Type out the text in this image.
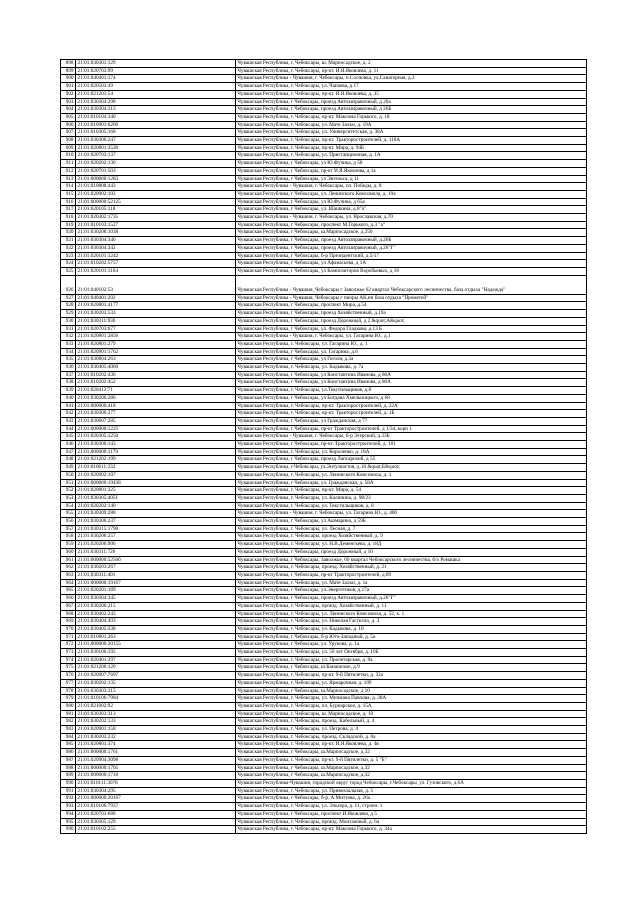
898	21:01:030301:129	Чувашская Республика, г. Чебоксары, ш. Марпосадское, д. 2
899	21:01:020703:99	Чувашская Республика, г. Чебоксары, пр-кт. И.Я.Яковлева, д. 11
900	21:01:040401:174	Чувашская Республика - Чувашия, г. Чебоксары, п.Сосновка, ул.Санаторная, д.3
901	21:01:020503:49	Чувашская Республика, г. Чебоксары, ул. Чапаева, д.17
902	21:01:021201:54	Чувашская Республика, г. Чебоксары, пр-кт. И.Я.Яковлева, д. 35
903	21:01:030304:298	Чувашская Республика, г Чебоксары, проезд Автозаправочный, д 26а
904	21:01:030304:313	Чувашская Республика, г Чебоксары, проезд Автозаправочный, д 26Б
905	21:01:010104:340	Чувашская Республика, г. Чебоксары, пр-кт. Максима Горького, д. 18
906	21:01:010901:6269	Чувашская Республика, г. Чебоксары, ул. Мате Залки, д. 19А
907	21:01:010305:168	Чувашская Республика, г. Чебоксары, ул. Университетская, д. 38А
908	21:01:030306:247	Чувашская Республика, г. Чебоксары, пр-кт. Тракторостроителей, д. 118А
909	21:01:020801:3530	Чувашская Республика, г. Чебоксары, пр-кт. Мира, д. 94Б
910	21:01:020703:137	Чувашская Республика, г. Чебоксары, ул. Пристанционная, д. 1А
911	21:01:020202:130	Чувашская Республика, г Чебоксары, ул Ю.Фучика, д 58
912	21:01:020701:503	Чувашская Республика, г Чебоксары, пр-кт И.Я.Яковлева, д 1а
913	21:01:000000:1283	Чувашская Республика, г Чебоксары, ул Энгельса, д 11
914	21:01:010808:443	Чувашская Республика - Чувашия, г. Чебоксары, пл. Победы, д. 8
915	21:01:020902:102	Чувашская Республика, г Чебоксары, ул. Ленинского Комсомола, д. 19а
916	21:01:000000:52125	Чувашская Республика, г Чебоксары, ул Ю.Фучика, д 65а
917	21:01:020105:118	Чувашская Республика, г Чебоксары, ул. Шашкина, д.8"а"
918	21:01:020302:1735	Чувашская Республика - Чувашия, г. Чебоксары, ул. Ярославская, д.70
919	21:01:010103:1527	Чувашская Республика, г Чебоксары, проспект М.Горького, д.3 "а"
920	21:01:030208:1038	Чувашская Республика, г Чебоксары, ш.Марпосадское, д.250
921	21:01:030304:340	Чувашская Республика, г Чебоксары, проезд Автозаправочный, д.26Б
922	21:01:030304:342	Чувашская Республика, г Чебоксары, проезд Автозаправочный, д.26"Г"
923	21:01:020101:1242	Чувашская Республика, г Чебоксары, б-р Президентский, д.5/17
924	21:01:010202:5757	Чувашская Республика, г Чебоксары, ул Афанасьева, д 1А
925	21:01:020101:1164	Чувашская Республика, г Чебоксары, ул Композиторов Воробьевых, д 18
926	21:01:040102:53	Чувашская Республика - Чувашия, Чебоксары г Заволжье 62 квартал Чебоксарского лесничества, база отдыха "Надежда"
927	21:01:040401:202	Чувашская Республика - Чувашия, Чебоксары г пиоры АК,нп база отдыха "Прометей"
928	21:01:020801:4177	Чувашская Республика, г Чебоксары, проспект Мира, д.54
929	21:01:030203:533	Чувашская Республика, г Чебоксары, проезд Хозяйственный, д.19а
930	21:01:030311:930	Чувашская Республика, г Чебоксары, проезд Дорожный, д 2 &quot;А&quot;
931	21:01:020703:677	Чувашская Республика, г Чебоксары, ул. Федора Гладкова, д.13 Б
932	21:01:020801:2856	Чувашская Республика - Чувашия, г. Чебоксары, ул. Гагарина Ю., д.1
933	21:01:020801:279	Чувашская Республика, г. Чебоксары, ул. Гагарина Ю., д. 1
934	21:01:020901:1762	Чувашская Республика, г Чебоксары, ул. Гагарина, д.6
935	21:01:030804:263	Чувашская Республика, г Чебоксары, ул Гоголя, д.3а
936	21:01:030405:4069	Чувашская Республика, г. Чебоксары, ул. Кадыкова, д. 7а
937	21:01:010202:436	Чувашская Республика, г Чебоксары, ул Константина Иванова, д 80А
938	21:01:010202:452	Чувашская Республика, г Чебоксары, ул Константина Иванова, д 80А
939	21:01:020412:71	Чувашская Республика, г. Чебоксары, ул.Текстильщиков, д.8
940	21:01:030206:286	Чувашская Республика, г Чебоксары, ул Богдана Хмельницкого, д 68
941	21:01:000000:418	Чувашская Республика, г. Чебоксары, пр-кт. Тракторостроителей, д. 22А
942	21:01:030306:277	Чувашская Республика, г. Чебоксары, пр-кт. Тракторостроителей, д. 1Б
943	21:01:030607:285	Чувашская Республика, г Чебоксары, ул Гражданская, д 77
944	21:01:000000:1225	Чувашская Республика, г Чебоксары, пр-кт Тракторостроителей, д 1/34, корп 1
945	21:01:020305:3250	Чувашская Республика - Чувашия, г. Чебоксары, б-р Эгерский, д.33Б
946	21:01:030306:143	Чувашская Республика, г Чебоксары, пр-кт. Тракторостроителей, д. 101
947	21:01:000000:1179	Чувашская Республика, г. Чебоксары, ул. Короленко, д. 18А
948	21:01:021202:199	Чувашская Республика, г Чебоксары, проезд Лапсарский, д 55
949	21:01:010611:232	Чувашская Республика, г.Чебоксары, ул.Энтузиастов, д.10 &quot;Б&quot;
950	21:01:020902:107	Чувашская Республика, г. Чебоксары, ул. Ленинского Комсомола, д. 1
951	21:01:000000:19438	Чувашская Республика, г Чебоксары, ул. Гражданская, д. 58А
952	21:01:020801:325	Чувашская Республика, г. Чебоксары, пр-кт. Мира, д. 54
953	21:01:030305:4051	Чувашская Республика, г. Чебоксары, ул. Калинина, д. 98/23
954	21:01:020202:140	Чувашская Республика, г. Чебоксары, ул. Текстильщиков, д. 8
955	21:01:030309:288	Чувашская Республика - Чувашия, г. Чебоксары, ул. Гагарина Ю., д. 40б
956	21:01:030306:237	Чувашская Республика, г Чебоксары, ул Ашмарина, д 59Б
957	21:01:030315:1790	Чувашская Республика, г. Чебоксары, ул. Лесная, д. 7
958	21:01:030206:257	Чувашская Республика, г. Чебоксары, проезд Хозяйственный, д. 9
959	21:01:020206:906	Чувашская Республика, г. Чебоксары, ул. Н.В.Деменгьева, д. 18Д
960	21:01:030311:726	Чувашская Республика, г Чебоксары, проезд Дорожный, д 10
961	21:01:000000:52566	Чувашская Республика, г Чебоксары, Заволжье, 60 квартал Чебоксарского лесничества, б/о Ромашка
962	21:01:030203:267	Чувашская Республика, г. Чебоксары, проезд. Хозяйственный, д. 21
963	21:01:030311:401	Чувашская Республика, г Чебоксары, пр-кт Тракторостроителей, д.89
964	21:01:000000:19167	Чувашская Республика, г. Чебоксары, ул. Мате Залки, д. 1а
965	21:01:020201:189	Чувашская Республика, г Чебоксары, ул.Энергетиков, д.17а
966	21:01:030304:345	Чувашская Республика, г Чебоксары, проезд Автозаправочный, д.26"Г"
967	21:01:030206:215	Чувашская Республика, г. Чебоксары, проезд. Хозяйственный, д. 11
968	21:01:030402:243	Чувашская Республика, г. Чебоксары, ул. Ленинского Комсомола, д. 52, к. 1
969	21:01:030404:493	Чувашская Республика, г. Чебоксары, ул. Николая Гастелло, д. 3
970	21:01:030405:338	Чувашская Республика, г. Чебоксары, ул. Кадыкова, д. 10
971	21:01:010801:263	Чувашская Республика, г Чебоксары, б-р Юго-Западный, д. 5а
972	21:01:000000:20155	Чувашская Республика, г Чебоксары, ул. Урукова, д. 1а
973	21:01:030106:192	Чувашская Республика, г. Чебоксары, ул. 50 лет Октября, д. 10Б
974	21:01:020401:297	Чувашская Республика, г. Чебоксары, ул. Пролетарская, д. 8а
975	21:01:021206:120	Чувашская Республика, г Чебоксары, ш.Канашское, д.9
976	21:01:020907:7697	Чувашская Республика, г. Чебоксары, пр-кт. 9-й Пятилетки, д. 32а
977	21:01:030202:135	Чувашская Республика, г. Чебоксары, ул. Ярмарочная, д. 109
978	21:01:030303:315	Чувашская Республика, г Чебоксары, ш.Марпосадское, д 10
979	21:01:010106:7984	Чувашская Республика, г. Чебоксары, ул. Мичмана Павлова, д. 38А
980	21:01:021002:92	Чувашская Республика, г. Чебоксары, пл. Бурнарское, д. 15А
981	21:01:030303:313	Чувашская Республика, г. Чебоксары, ш. Марпосадское, д. 10
982	21:01:030202:133	Чувашская Республика, г. Чебоксары, проезд. Кабельный, д. 4
983	21:01:020901:158	Чувашская Республика, г. Чебоксары, ул. Петрова, д. 4
984	21:01:030203:232	Чувашская Республика, г. Чебоксары, проезд. Складской, д. 8а
985	21:01:020801:374	Чувашская Республика, г. Чебоксары, пр-кт. И.Я.Яковлева, д. 4в
986	21:01:000000:1761	Чувашская Республика, г Чебоксары, ш.Марпосадское, д.32
987	21:01:020904:3098	Чувашская Республика, г. Чебоксары, пр-кт. 9-й Пятилетки, д. 5 "Б"
988	21:01:000000:1705	Чувашская Республика, г Чебоксары, ш.Марпосадское, д.32
989	21:01:000000:1710	Чувашская Республика, г Чебоксары, ш.Марпосадское, д.32
990	21:01:010111:3078	Чувашская Республика-Чувашия, городской округ город Чебоксары, г.Чебоксары, ул. Гузовского, д.6А
991	21:01:030304:295	Чувашская Республика, г. Чебоксары, ул. Привокзальная, д. 5
992	21:01:000000:20167	Чувашская Республика, г Чебоксары, б-р. А.Миттова, д. 26а
993	21:01:010106:7937	Чувашская Республика, г. Чебоксары, ул. Эльгера, д. 11, строен. 1
994	21:01:020703:688	Чувашская Республика, г Чебоксары, проспект И.Яковлева, д 5
995	21:01:030305:129	Чувашская Республика, г. Чебоксары, проезд. Монтажный, д. 6а
996	21:01:010102:255	Чувашская Республика, г. Чебоксары, пр-кт. Максима Горького, д. 34а
